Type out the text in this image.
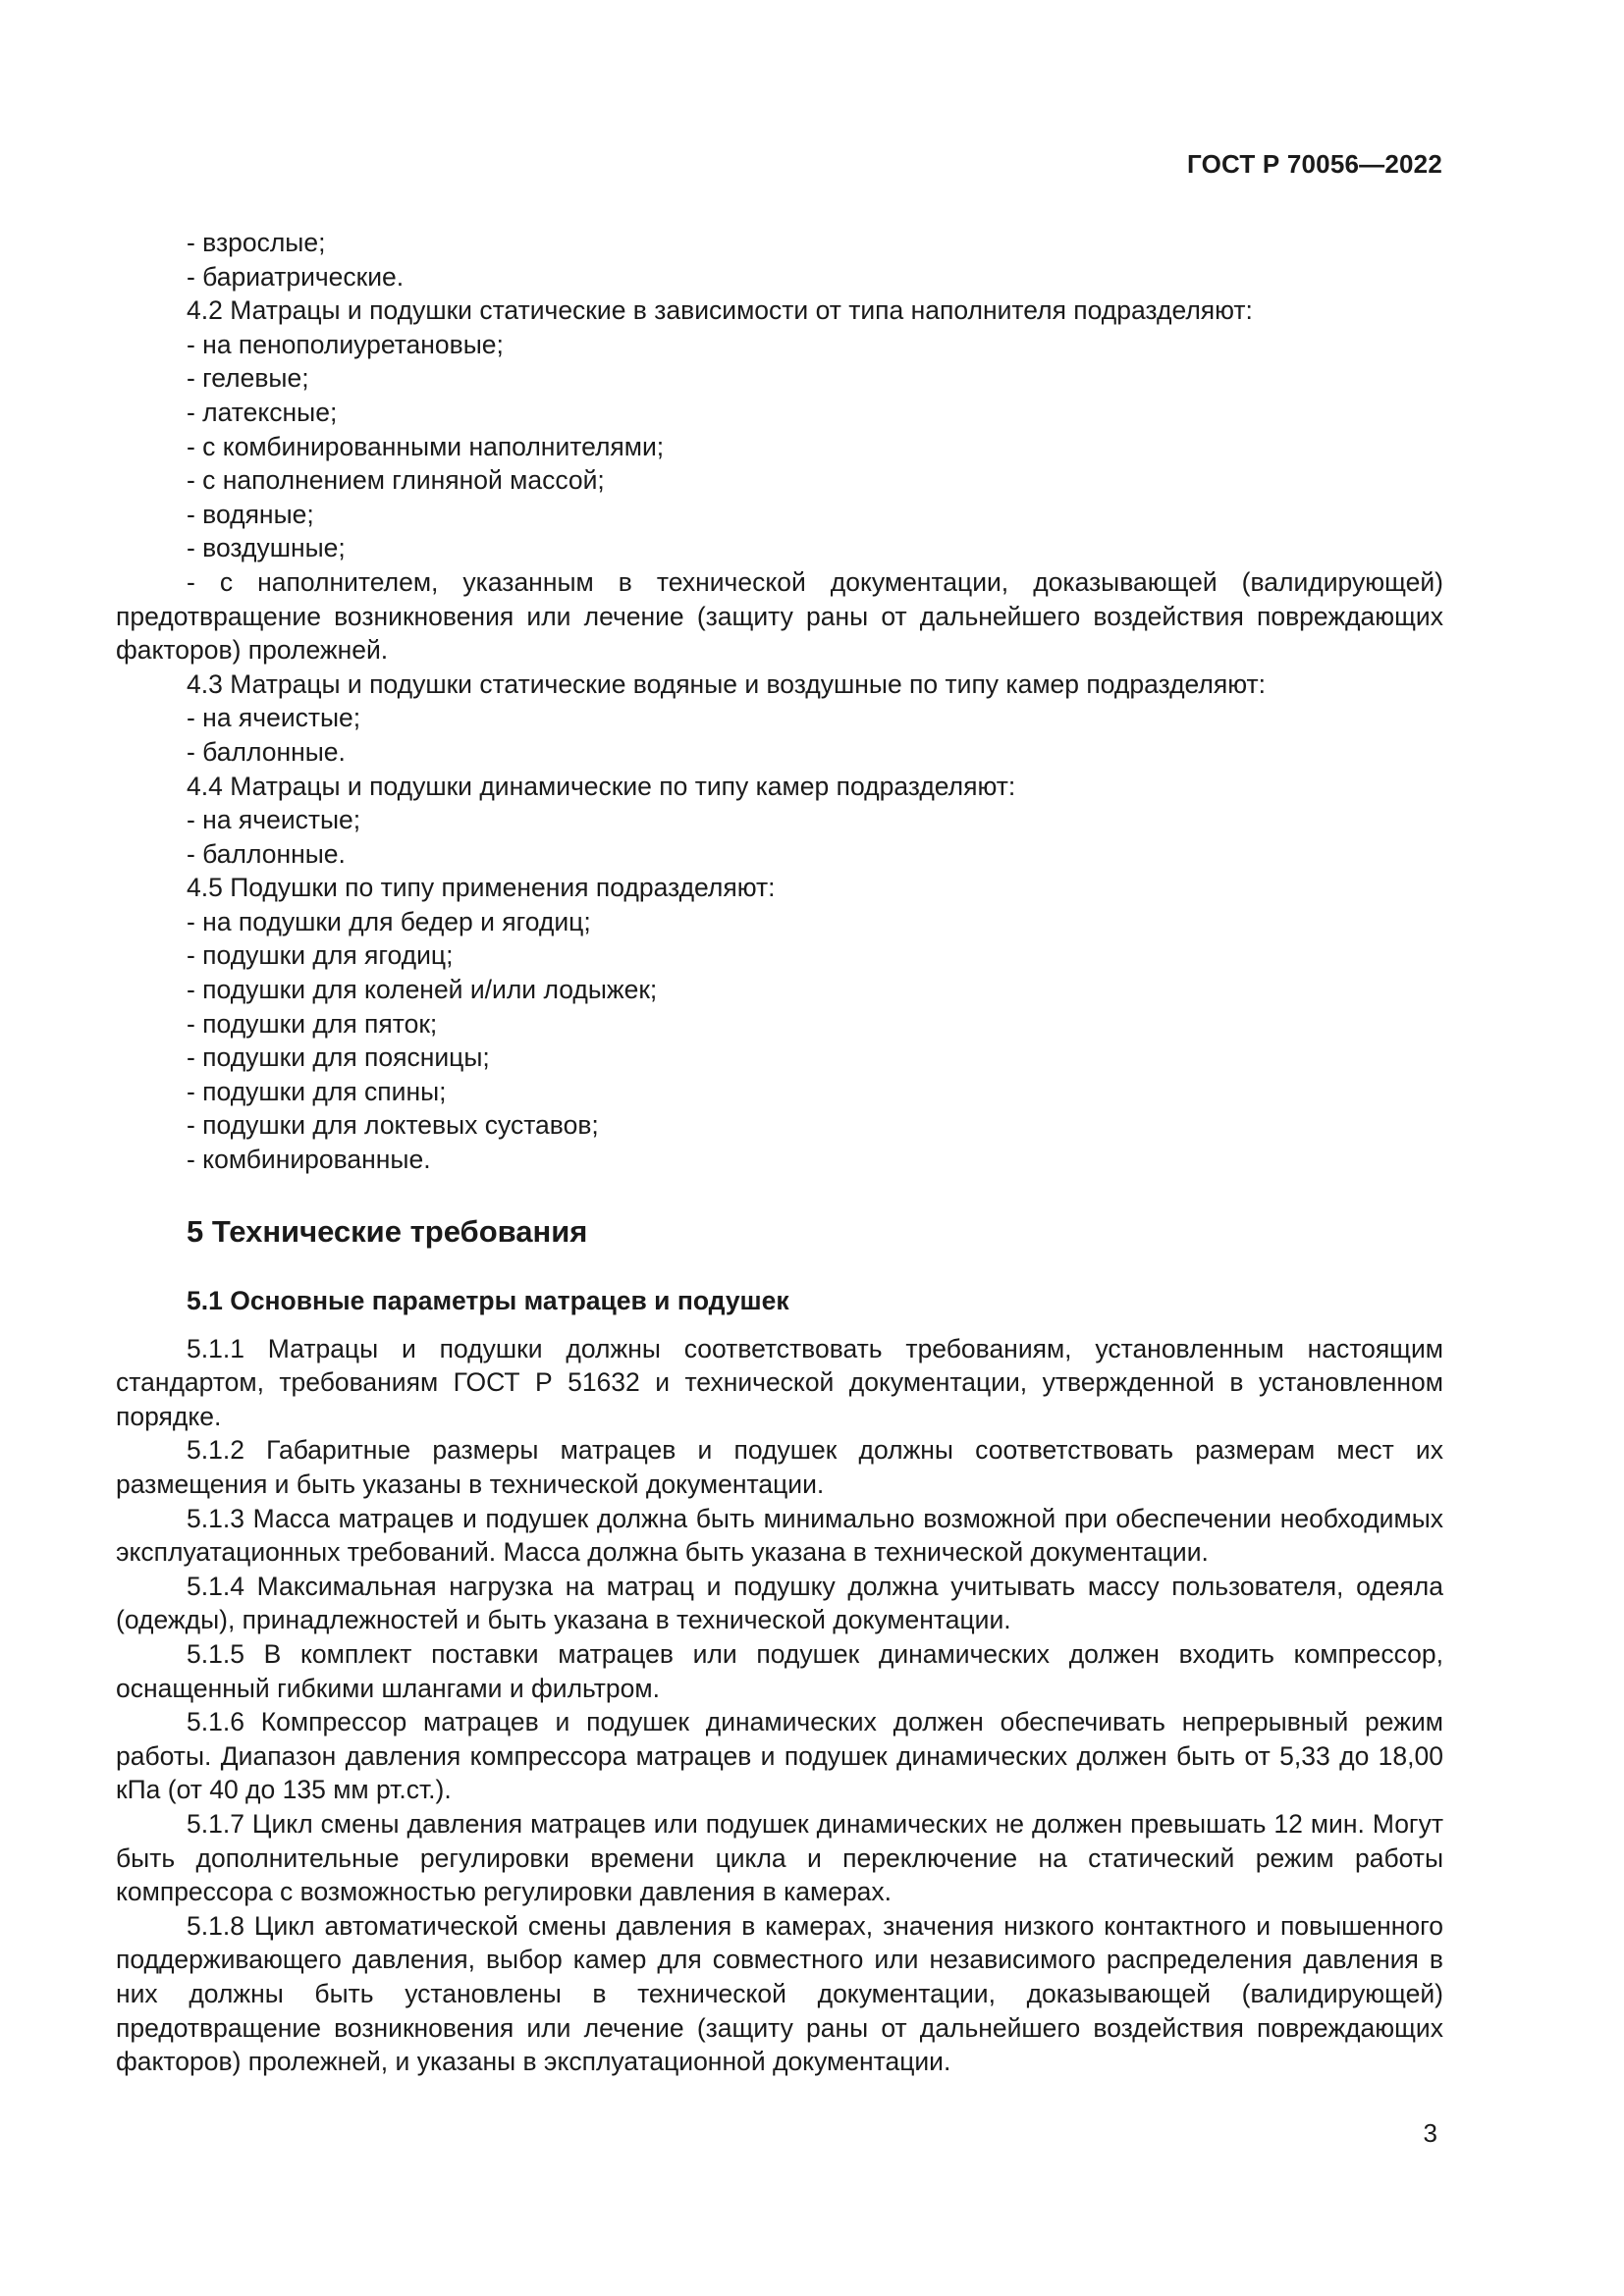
ГОСТ Р 70056—2022

- взрослые;

- бариатрические.

4.2 Матрацы и подушки статические в зависимости от типа наполнителя подразделяют:

- на пенополиуретановые;

- гелевые;

- латексные;

- с комбинированными наполнителями;

- с наполнением глиняной массой;

- водяные;

- воздушные;

- с наполнителем, указанным в технической документации, доказывающей (валидирующей) предотвращение возникновения или лечение (защиту раны от дальнейшего воздействия повреждающих факторов) пролежней.

4.3 Матрацы и подушки статические водяные и воздушные по типу камер подразделяют:

- на ячеистые;

- баллонные.

4.4 Матрацы и подушки динамические по типу камер подразделяют:

- на ячеистые;

- баллонные.

4.5 Подушки по типу применения подразделяют:

- на подушки для бедер и ягодиц;

- подушки для ягодиц;

- подушки для коленей и/или лодыжек;

- подушки для пяток;

- подушки для поясницы;

- подушки для спины;

- подушки для локтевых суставов;

- комбинированные.

5 Технические требования
5.1 Основные параметры матрацев и подушек

5.1.1 Матрацы и подушки должны соответствовать требованиям, установленным настоящим стандартом, требованиям ГОСТ Р 51632 и технической документации, утвержденной в установленном порядке.

5.1.2 Габаритные размеры матрацев и подушек должны соответствовать размерам мест их размещения и быть указаны в технической документации.

5.1.3 Масса матрацев и подушек должна быть минимально возможной при обеспечении необходимых эксплуатационных требований. Масса должна быть указана в технической документации.

5.1.4 Максимальная нагрузка на матрац и подушку должна учитывать массу пользователя, одеяла (одежды), принадлежностей и быть указана в технической документации.

5.1.5 В комплект поставки матрацев или подушек динамических должен входить компрессор, оснащенный гибкими шлангами и фильтром.

5.1.6 Компрессор матрацев и подушек динамических должен обеспечивать непрерывный режим работы. Диапазон давления компрессора матрацев и подушек динамических должен быть от 5,33 до 18,00 кПа (от 40 до 135 мм рт.ст.).

5.1.7 Цикл смены давления матрацев или подушек динамических не должен превышать 12 мин. Могут быть дополнительные регулировки времени цикла и переключение на статический режим работы компрессора с возможностью регулировки давления в камерах.

5.1.8 Цикл автоматической смены давления в камерах, значения низкого контактного и повышенного поддерживающего давления, выбор камер для совместного или независимого распределения давления в них должны быть установлены в технической документации, доказывающей (валидирующей) предотвращение возникновения или лечение (защиту раны от дальнейшего воздействия повреждающих факторов) пролежней, и указаны в эксплуатационной документации.

3
